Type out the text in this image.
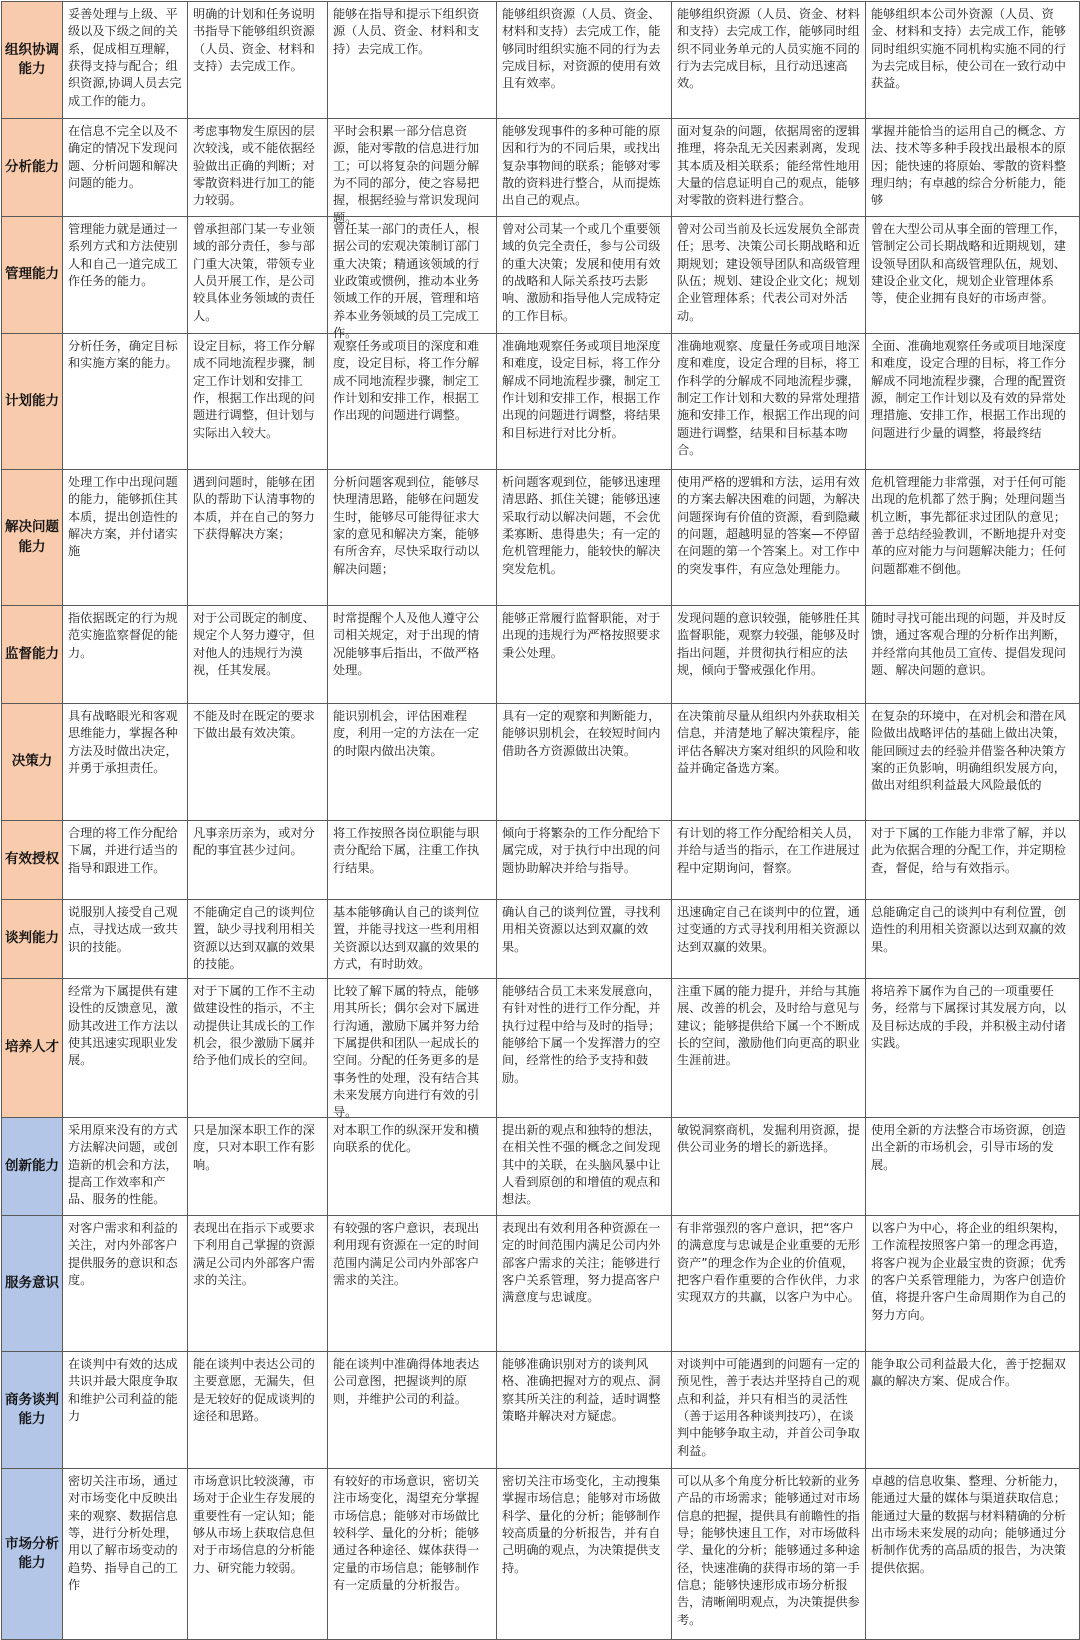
组织协调能力	妥善处理与上级、平级以及下级之间的关系，促成相互理解，获得支持与配合；组织资源,协调人员去完成工作的能力。	明确的计划和任务说明书指导下能够组织资源（人员、资金、材料和支持）去完成工作。	能够在指导和提示下组织资源（人员、资金、材料和支持）去完成工作。	能够组织资源（人员、资金、材料和支持）去完成工作，能够同时组织实施不同的行为去完成目标，对资源的使用有效且有效率。	能够组织资源（人员、资金、材料和支持）去完成工作，能够同时组织不同业务单元的人员实施不同的行为去完成目标，且行动迅速高效。	能够组织本公司外资源（人员、资金、材料和支持）去完成工作，能够同时组织实施不同机构实施不同的行为去完成目标，使公司在一致行动中获益。

分析能力	在信息不完全以及不确定的情况下发现问题、分析问题和解决问题的能力。	考虑事物发生原因的层次较浅，或不能依据经验做出正确的判断；对零散资料进行加工的能力较弱。	平时会积累一部分信息资源，能对零散的信息进行加工；可以将复杂的问题分解为不同的部分，使之容易把握，根据经验与常识发现问题。	能够发现事件的多种可能的原因和行为的不同后果，或找出复杂事物间的联系；能够对零散的资料进行整合，从而提炼出自己的观点。	面对复杂的问题，依据周密的逻辑推理，将杂乱无关因素剥离，发现其本质及相关联系；能经常性地用大量的信息证明自己的观点，能够对零散的资料进行整合。	掌握并能恰当的运用自己的概念、方法、技术等多种手段找出最根本的原因；能快速的将原始、零散的资料整理归纳；有卓越的综合分析能力，能够

管理能力	管理能力就是通过一系列方式和方法使别人和自己一道完成工作任务的能力。	曾承担部门某一专业领域的部分责任，参与部门重大决策，带领专业人员开展工作，是公司较具体业务领域的责任人。	曾任某一部门的责任人，根据公司的宏观决策制订部门重大决策；精通该领域的行业政策或惯例，推动本业务领域工作的开展，管理和培养本业务领域的员工完成工作。	曾对公司某一个或几个重要领域的负完全责任，参与公司级的重大决策；发展和使用有效的战略和人际关系技巧去影响、激励和指导他人完成特定的工作目标。	曾对公司当前及长远发展负全部责任；思考、决策公司长期战略和近期规划；建设领导团队和高级管理队伍；规划、建设企业文化；规划企业管理体系；代表公司对外活动。	曾在大型公司从事全面的管理工作，管制定公司长期战略和近期规划，建设领导团队和高级管理队伍，规划、建设企业文化，规划企业管理体系等，使企业拥有良好的市场声誉。

计划能力	分析任务，确定目标和实施方案的能力。	设定目标，将工作分解成不同地流程步骤，制定工作计划和安排工作，根据工作出现的问题进行调整，但计划与实际出入较大。	观察任务或项目的深度和难度，设定目标，将工作分解成不同地流程步骤，制定工作计划和安排工作，根据工作出现的问题进行调整。	准确地观察任务或项目地深度和难度，设定目标，将工作分解成不同地流程步骤，制定工作计划和安排工作，根据工作出现的问题进行调整，将结果和目标进行对比分析。	准确地观察、度量任务或项目地深度和难度，设定合理的目标，将工作科学的分解成不同地流程步骤，制定工作计划和大数的异常处理措施和安排工作，根据工作出现的问题进行调整，结果和目标基本吻合。	全面、准确地观察任务或项目地深度和难度，设定合理的目标，将工作分解成不同地流程步骤，合理的配置资源，制定工作计划以及有效的异常处理措施、安排工作，根据工作出现的问题进行少量的调整，将最终结

解决问题能力	处理工作中出现问题的能力，能够抓住其本质，提出创造性的解决方案，并付诸实施	遇到问题时，能够在团队的帮助下认清事物的本质，并在自己的努力下获得解决方案；	分析问题客观到位，能够尽快理清思路，能够在问题发生时，能够尽可能得征求大家的意见和解决方案，能够有所舍弃，尽快采取行动以解决问题；	析问题客观到位，能够迅速理清思路、抓住关键；能够迅速采取行动以解决问题，不会优柔寡断、患得患失；有一定的危机管理能力，能较快的解决突发危机。	使用严格的逻辑和方法，运用有效的方案去解决困难的问题，为解决问题探询有价值的资源，看到隐藏的问题，超越明显的答案—不停留在问题的第一个答案上。对工作中的突发事件，有应急处理能力。	危机管理能力非常强，对于任何可能出现的危机都了然于胸；处理问题当机立断，事先都征求过团队的意见；善于总结经验教训，不断地提升对变革的应对能力与问题解决能力；任何问题都难不倒他。

监督能力	指依据既定的行为规范实施监察督促的能力。	对于公司既定的制度、规定个人努力遵守，但对他人的违规行为漠视，任其发展。	时常提醒个人及他人遵守公司相关规定，对于出现的情况能够事后指出，不做严格处理。	能够正常履行监督职能，对于出现的违规行为严格按照要求秉公处理。	发现问题的意识较强，能够胜任其监督职能，观察力较强，能够及时指出问题，并贯彻执行相应的法规，倾向于警戒强化作用。	随时寻找可能出现的问题，并及时反馈，通过客观合理的分析作出判断，并经常向其他员工宣传、提倡发现问题、解决问题的意识。

决策力	具有战略眼光和客观思维能力，掌握各种方法及时做出决定，并勇于承担责任。	不能及时在既定的要求下做出最有效决策。	能识别机会，评估困难程度，利用一定的方法在一定的时限内做出决策。	具有一定的观察和判断能力，能够识别机会，在较短时间内借助各方资源做出决策。	在决策前尽量从组织内外获取相关信息，并清楚地了解决策程序，能评估各解决方案对组织的风险和收益并确定备选方案。	在复杂的环境中，在对机会和潜在风险做出战略评估的基础上做出决策，能回顾过去的经验并借鉴各种决策方案的正负影响，明确组织发展方向，做出对组织利益最大风险最低的

有效授权	合理的将工作分配给下属，并进行适当的指导和跟进工作。	凡事亲历亲为，或对分配的事宜甚少过问。	将工作按照各岗位职能与职责分配给下属，注重工作执行结果。	倾向于将繁杂的工作分配给下属完成，对于执行中出现的问题协助解决并给与指导。	有计划的将工作分配给相关人员，并给与适当的指示，在工作进展过程中定期询问，督察。	对于下属的工作能力非常了解，并以此为依据合理的分配工作，并定期检查，督促，给与有效指示。

谈判能力	说服别人接受自己观点，寻找达成一致共识的技能。	不能确定自己的谈判位置，缺少寻找利用相关资源以达到双赢的效果的技能。	基本能够确认自己的谈判位置，并能寻找这一些利用相关资源以达到双赢的效果的方式，有时助效。	确认自己的谈判位置，寻找利用相关资源以达到双赢的效果。	迅速确定自己在谈判中的位置，通过变通的方式寻找利用相关资源以达到双赢的效果。	总能确定自己的谈判中有利位置，创造性的利用相关资源以达到双赢的效果。

培养人才	经常为下属提供有建设性的反馈意见，激励其改进工作方法以使其迅速实现职业发展。	对于下属的工作不主动做建设性的指示，不主动提供让其成长的工作机会，很少激励下属并给予他们成长的空间。	比较了解下属的特点，能够用其所长；偶尔会对下属进行沟通，激励下属并努力给下属提供和团队一起成长的空间。分配的任务更多的是事务性的处理，没有结合其未来发展方向进行有效的引导。	能够结合员工未来发展意向，有针对性的进行工作分配，并执行过程中给与及时的指导；能够给下属一个发挥潜力的空间，经常性的给予支持和鼓励。	注重下属的能力提升，并给与其施展、改善的机会，及时给与意见与建议；能够提供给下属一个不断成长的空间，激励他们向更高的职业生涯前进。	将培养下属作为自己的一项重要任务，经常与下属探讨其发展方向，以及目标达成的手段，并积极主动付诸实践。

创新能力	采用原来没有的方式方法解决问题，或创造新的机会和方法，提高工作效率和产品、服务的性能。	只是加深本职工作的深度，只对本职工作有影响。	对本职工作的纵深开发和横向联系的优化。	提出新的观点和独特的想法，在相关性不强的概念之间发现其中的关联，在头脑风暴中让人看到原创的和增值的观点和想法。	敏锐洞察商机，发掘利用资源，提供公司业务的增长的新选择。	使用全新的方法整合市场资源，创造出全新的市场机会，引导市场的发展。

服务意识	对客户需求和利益的关注，对内外部客户提供服务的意识和态度。	表现出在指示下或要求下利用自己掌握的资源满足公司内外部客户需求的关注。	有较强的客户意识，表现出利用现有资源在一定的时间范围内满足公司内外部客户需求的关注。	表现出有效利用各种资源在一定的时间范围内满足公司内外部客户需求的关注；能够进行客户关系管理，努力提高客户满意度与忠诚度。	有非常强烈的客户意识，把“客户的满意度与忠诚是企业重要的无形资产”的理念作为企业的价值观，把客户看作重要的合作伙伴，力求实现双方的共赢，以客户为中心。	以客户为中心，将企业的组织架构，工作流程按照客户第一的理念再造，将客户视为企业最宝贵的资源；优秀的客户关系管理能力，为客户创造价值，将提升客户生命周期作为自己的努力方向。

商务谈判能力	在谈判中有效的达成共识并最大限度争取和维护公司利益的能力	能在谈判中表达公司的主要意愿，无漏失，但是无较好的促成谈判的途径和思路。	能在谈判中准确得体地表达公司意图，把握谈判的原则，并维护公司的利益。	能够准确识别对方的谈判风格、准确把握对方的观点、洞察其所关注的利益，适时调整策略并解决对方疑虑。	对谈判中可能遇到的问题有一定的预见性，善于表达并坚持自己的观点和利益，并只有相当的灵活性（善于运用各种谈判技巧），在谈判中能够争取主动，并首公司争取利益。	能争取公司利益最大化，善于挖掘双赢的解决方案、促成合作。

市场分析能力	密切关注市场，通过对市场变化中反映出来的观察、数据信息等，进行分析处理，用以了解市场变动的趋势、指导自己的工作	市场意识比较淡薄，市场对于企业生存发展的重要性有一定认知；能够从市场上获取信息但对于市场信息的分析能力、研究能力较弱。	有较好的市场意识，密切关注市场变化，渴望充分掌握市场信息；能够对市场做比较科学、量化的分析；能够通过各种途径、媒体获得一定量的市场信息；能够制作有一定质量的分析报告。	密切关注市场变化，主动搜集掌握市场信息；能够对市场做科学、量化的分析；能够制作较高质量的分析报告，并有自己明确的观点，为决策提供支持。	可以从多个角度分析比较新的业务产品的市场需求；能够通过对市场信息的把握，提供具有前瞻性的指导；能够快速且工作，对市场做科学、量化的分析；能够通过多种途径，快速准确的获得市场的第一手信息；能够快速形成市场分析报告，清晰阐明观点，为决策提供参考。	卓越的信息收集、整理、分析能力，能通过大量的媒体与渠道获取信息；能通过大量的数据与材料精确的分析出市场未来发展的动向；能够通过分析制作优秀的高品质的报告，为决策提供依据。
